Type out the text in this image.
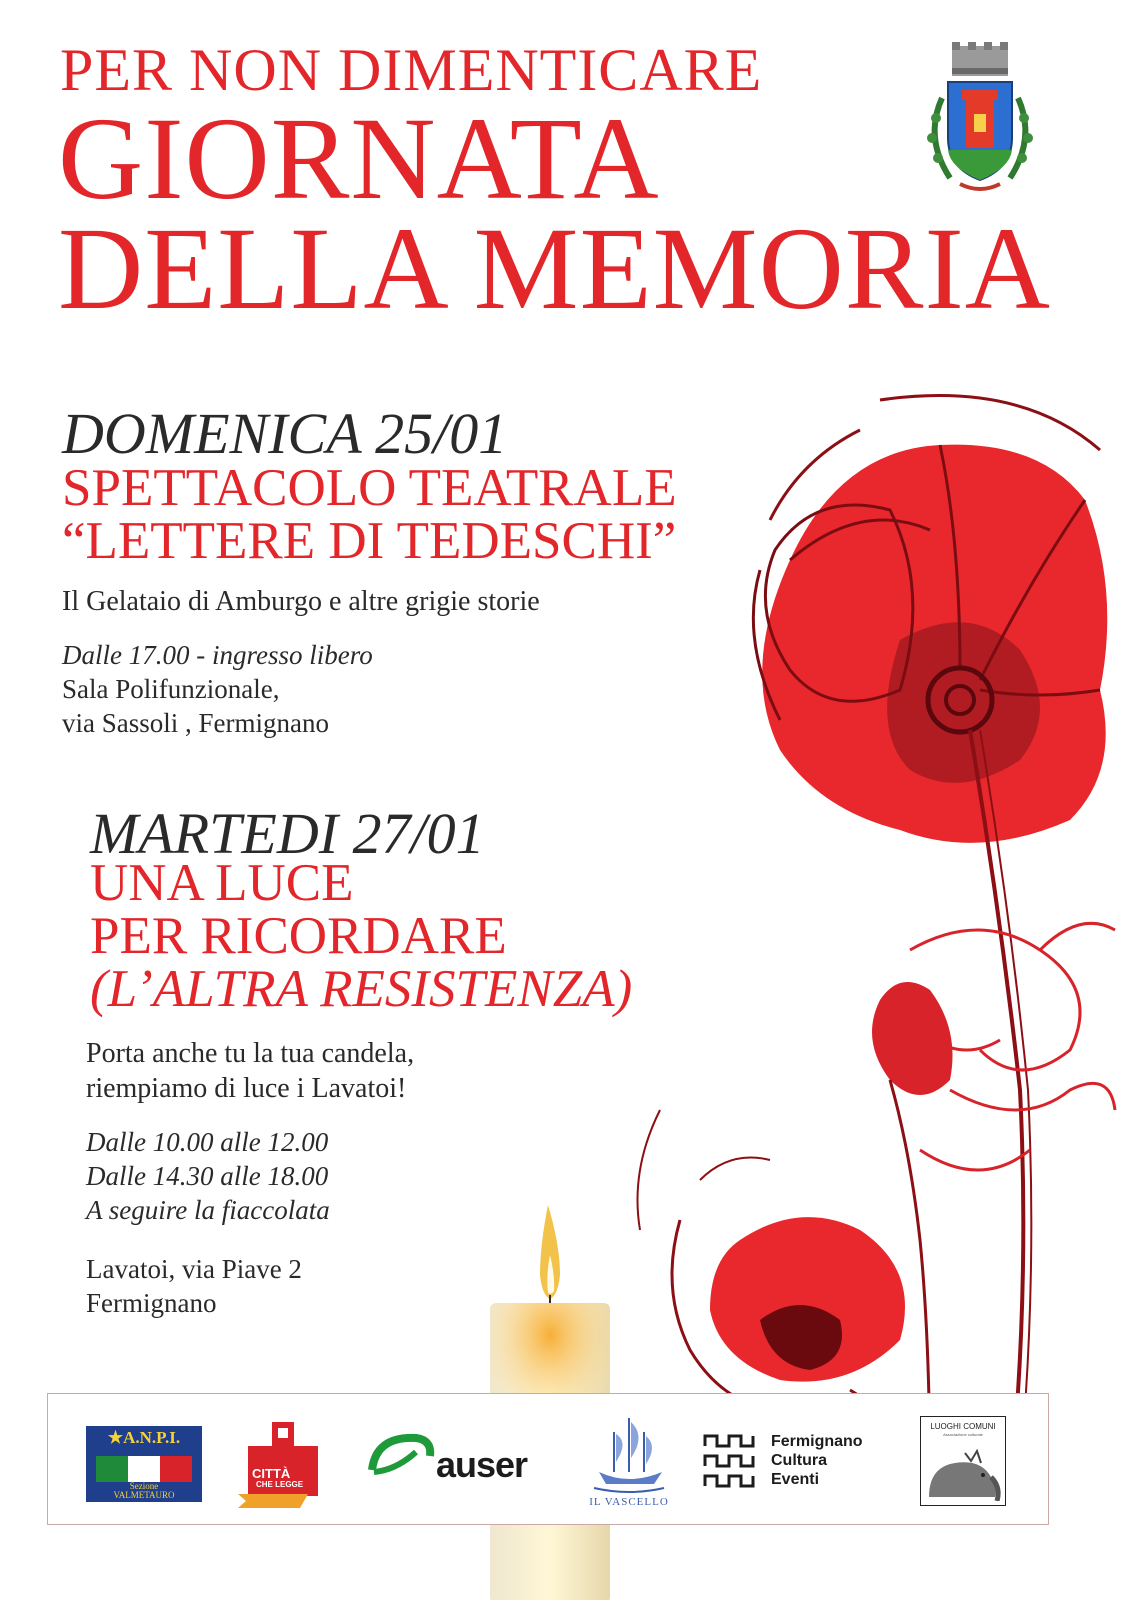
PER NON DIMENTICARE
GIORNATA
DELLA MEMORIA
DOMENICA 25/01
SPETTACOLO TEATRALE
“LETTERE DI TEDESCHI”
Il Gelataio di Amburgo e altre grigie storie
Dalle 17.00 - ingresso libero
Sala Polifunzionale,
via Sassoli , Fermignano
MARTEDI 27/01
UNA LUCE
PER RICORDARE
(L’ALTRA RESISTENZA)
Porta anche tu la tua candela,
riempiamo di luce i Lavatoi!
Dalle 10.00 alle 12.00
Dalle 14.30 alle 18.00
A seguire la fiaccolata
Lavatoi, via Piave 2
Fermignano
★A.N.P.I.
Sezione
VALMETAURO
CITTÀ
CHE LEGGE	auser
IL VASCELLO
Fermignano
Cultura
Eventi
LUOGHI COMUNI
Associazione culturale
